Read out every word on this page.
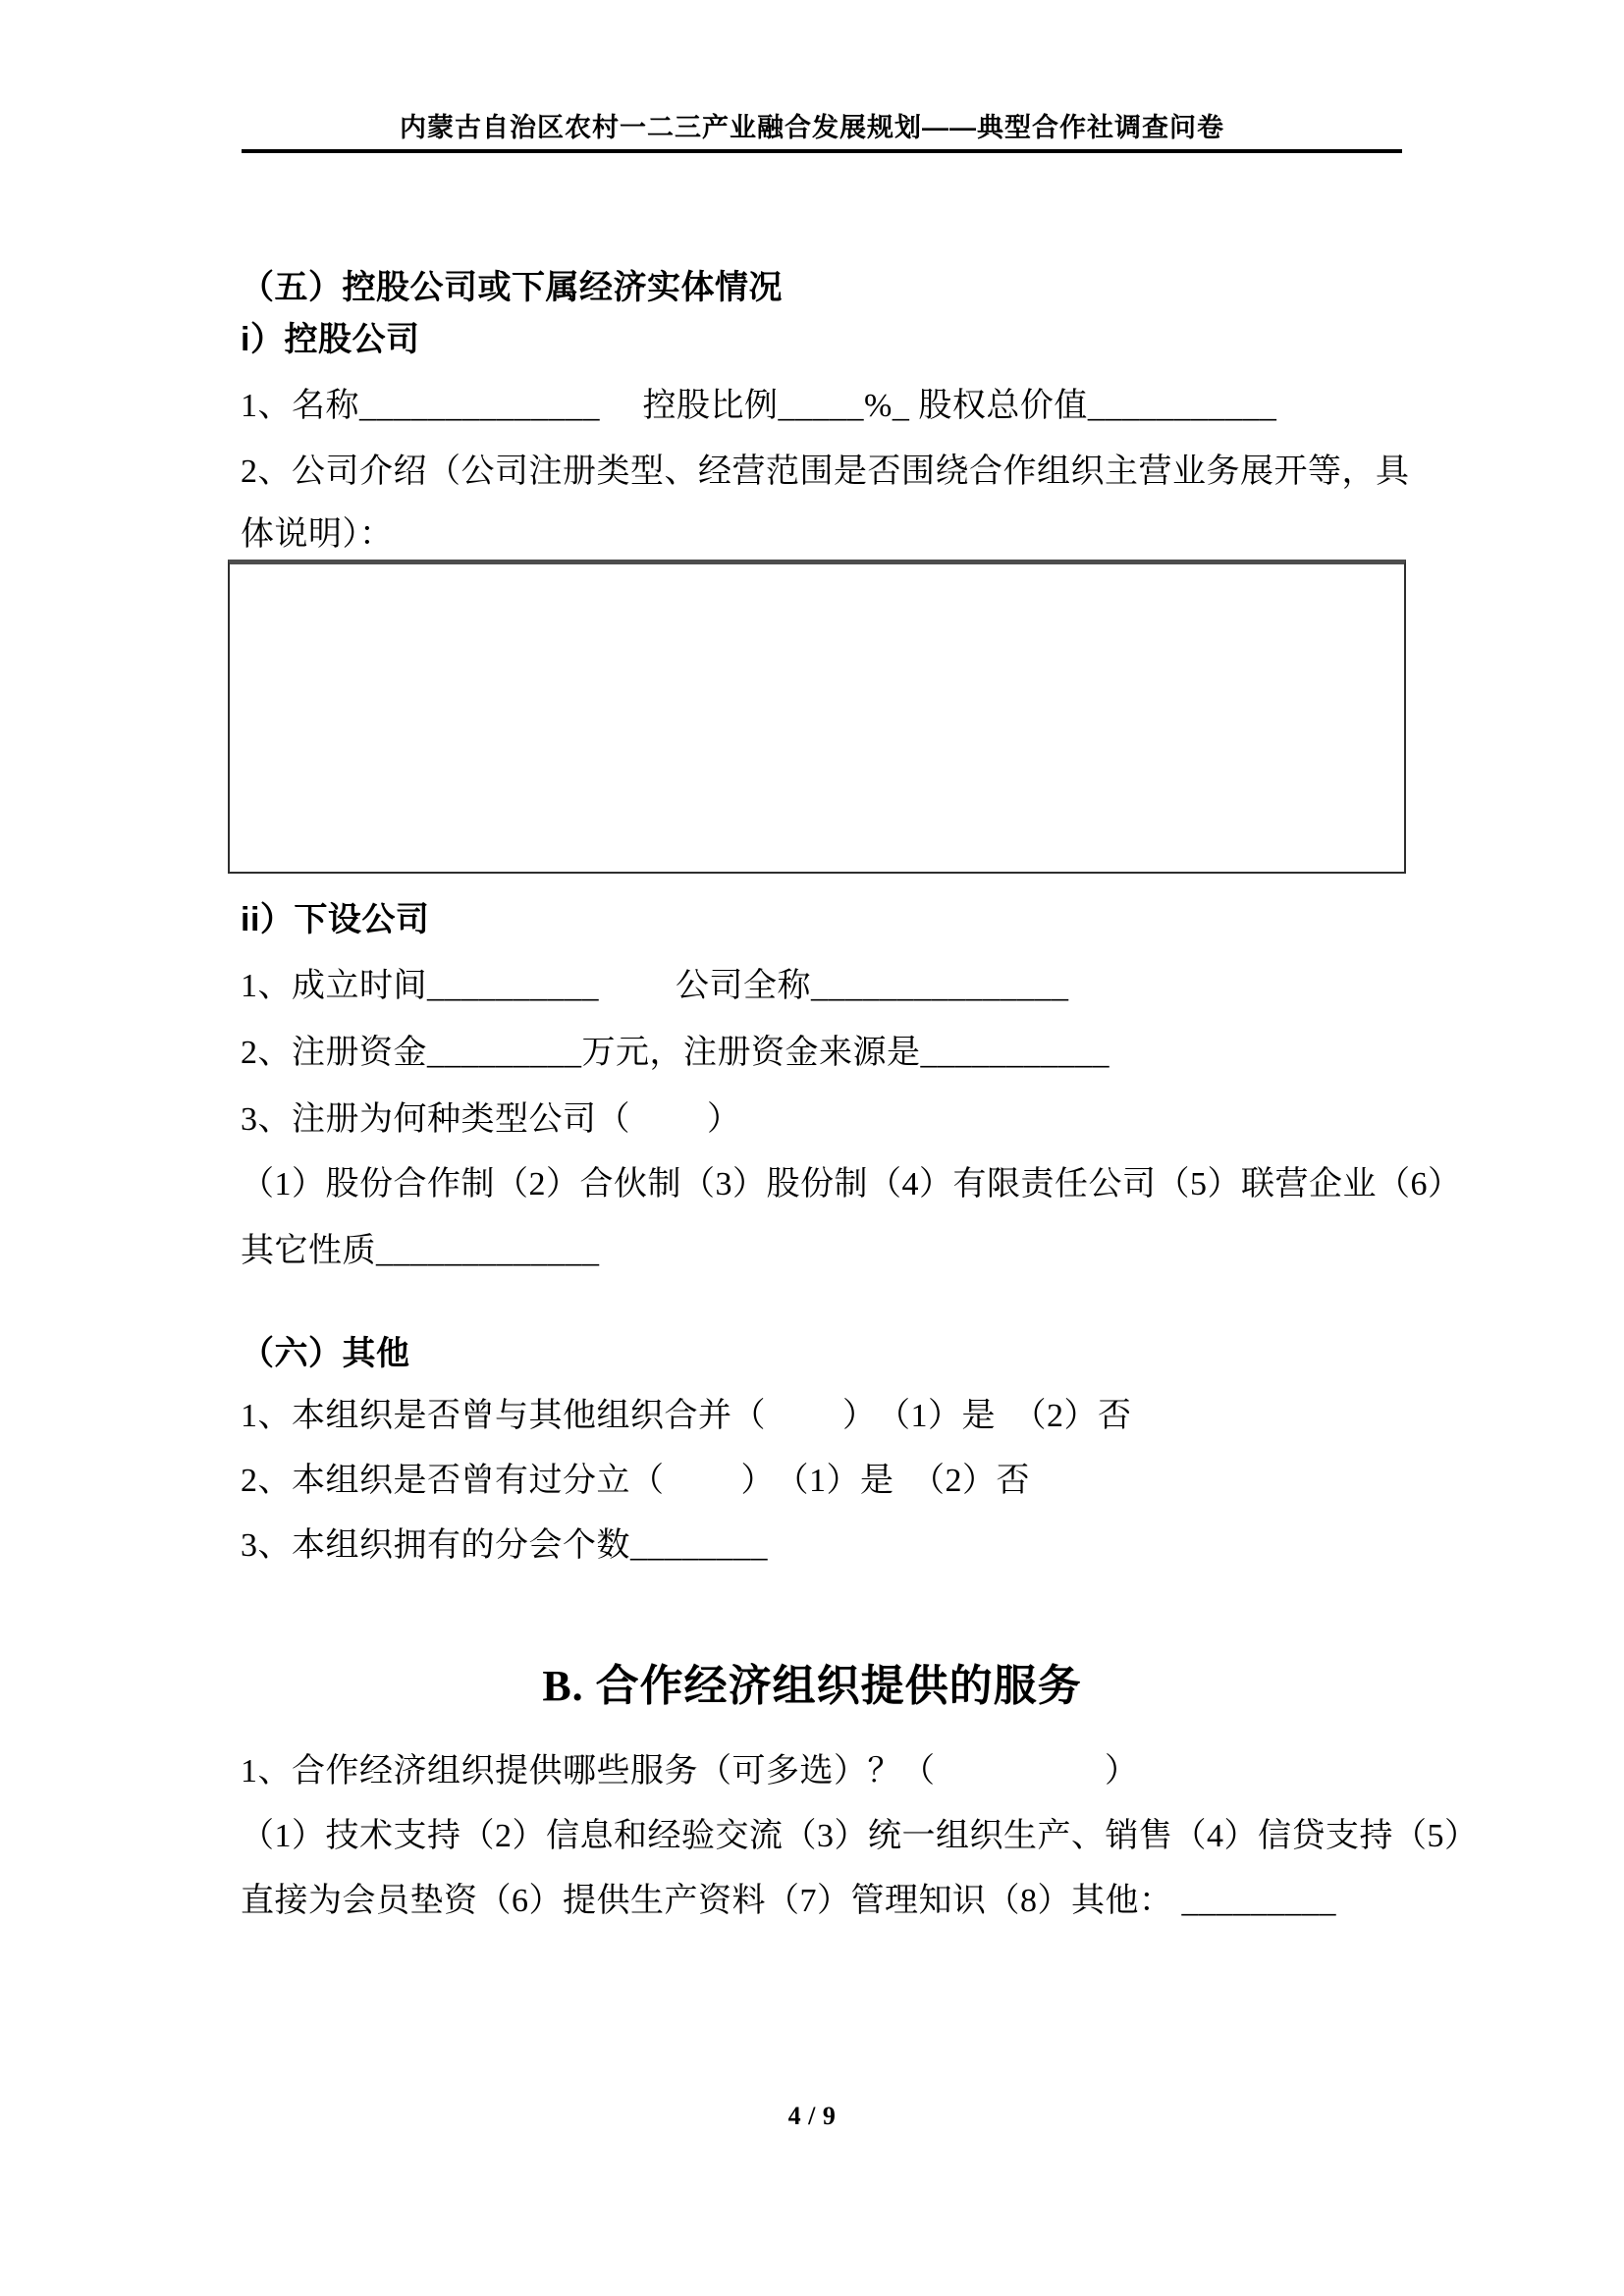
内蒙古自治区农村一二三产业融合发展规划——典型合作社调查问卷
（五）控股公司或下属经济实体情况
i）控股公司
1、名称______________　 控股比例_____%_ 股权总价值___________
2、公司介绍（公司注册类型、经营范围是否围绕合作组织主营业务展开等，具
体说明）：
ii）下设公司
1、成立时间__________　　 公司全称_______________
2、注册资金_________万元，注册资金来源是___________
3、注册为何种类型公司（　　 ）
（1）股份合作制（2）合伙制（3）股份制（4）有限责任公司（5）联营企业（6）
其它性质_____________
（六）其他
1、本组织是否曾与其他组织合并（　　 ）　（1）是　（2）否
2、本组织是否曾有过分立（　　 ）　（1）是　（2）否
3、本组织拥有的分会个数________
B. 合作经济组织提供的服务
1、合作经济组织提供哪些服务（可多选）？（　　　　　）
（1）技术支持（2）信息和经验交流（3）统一组织生产、销售（4）信贷支持（5）
直接为会员垫资（6）提供生产资料（7）管理知识（8）其他： _________
4 / 9
